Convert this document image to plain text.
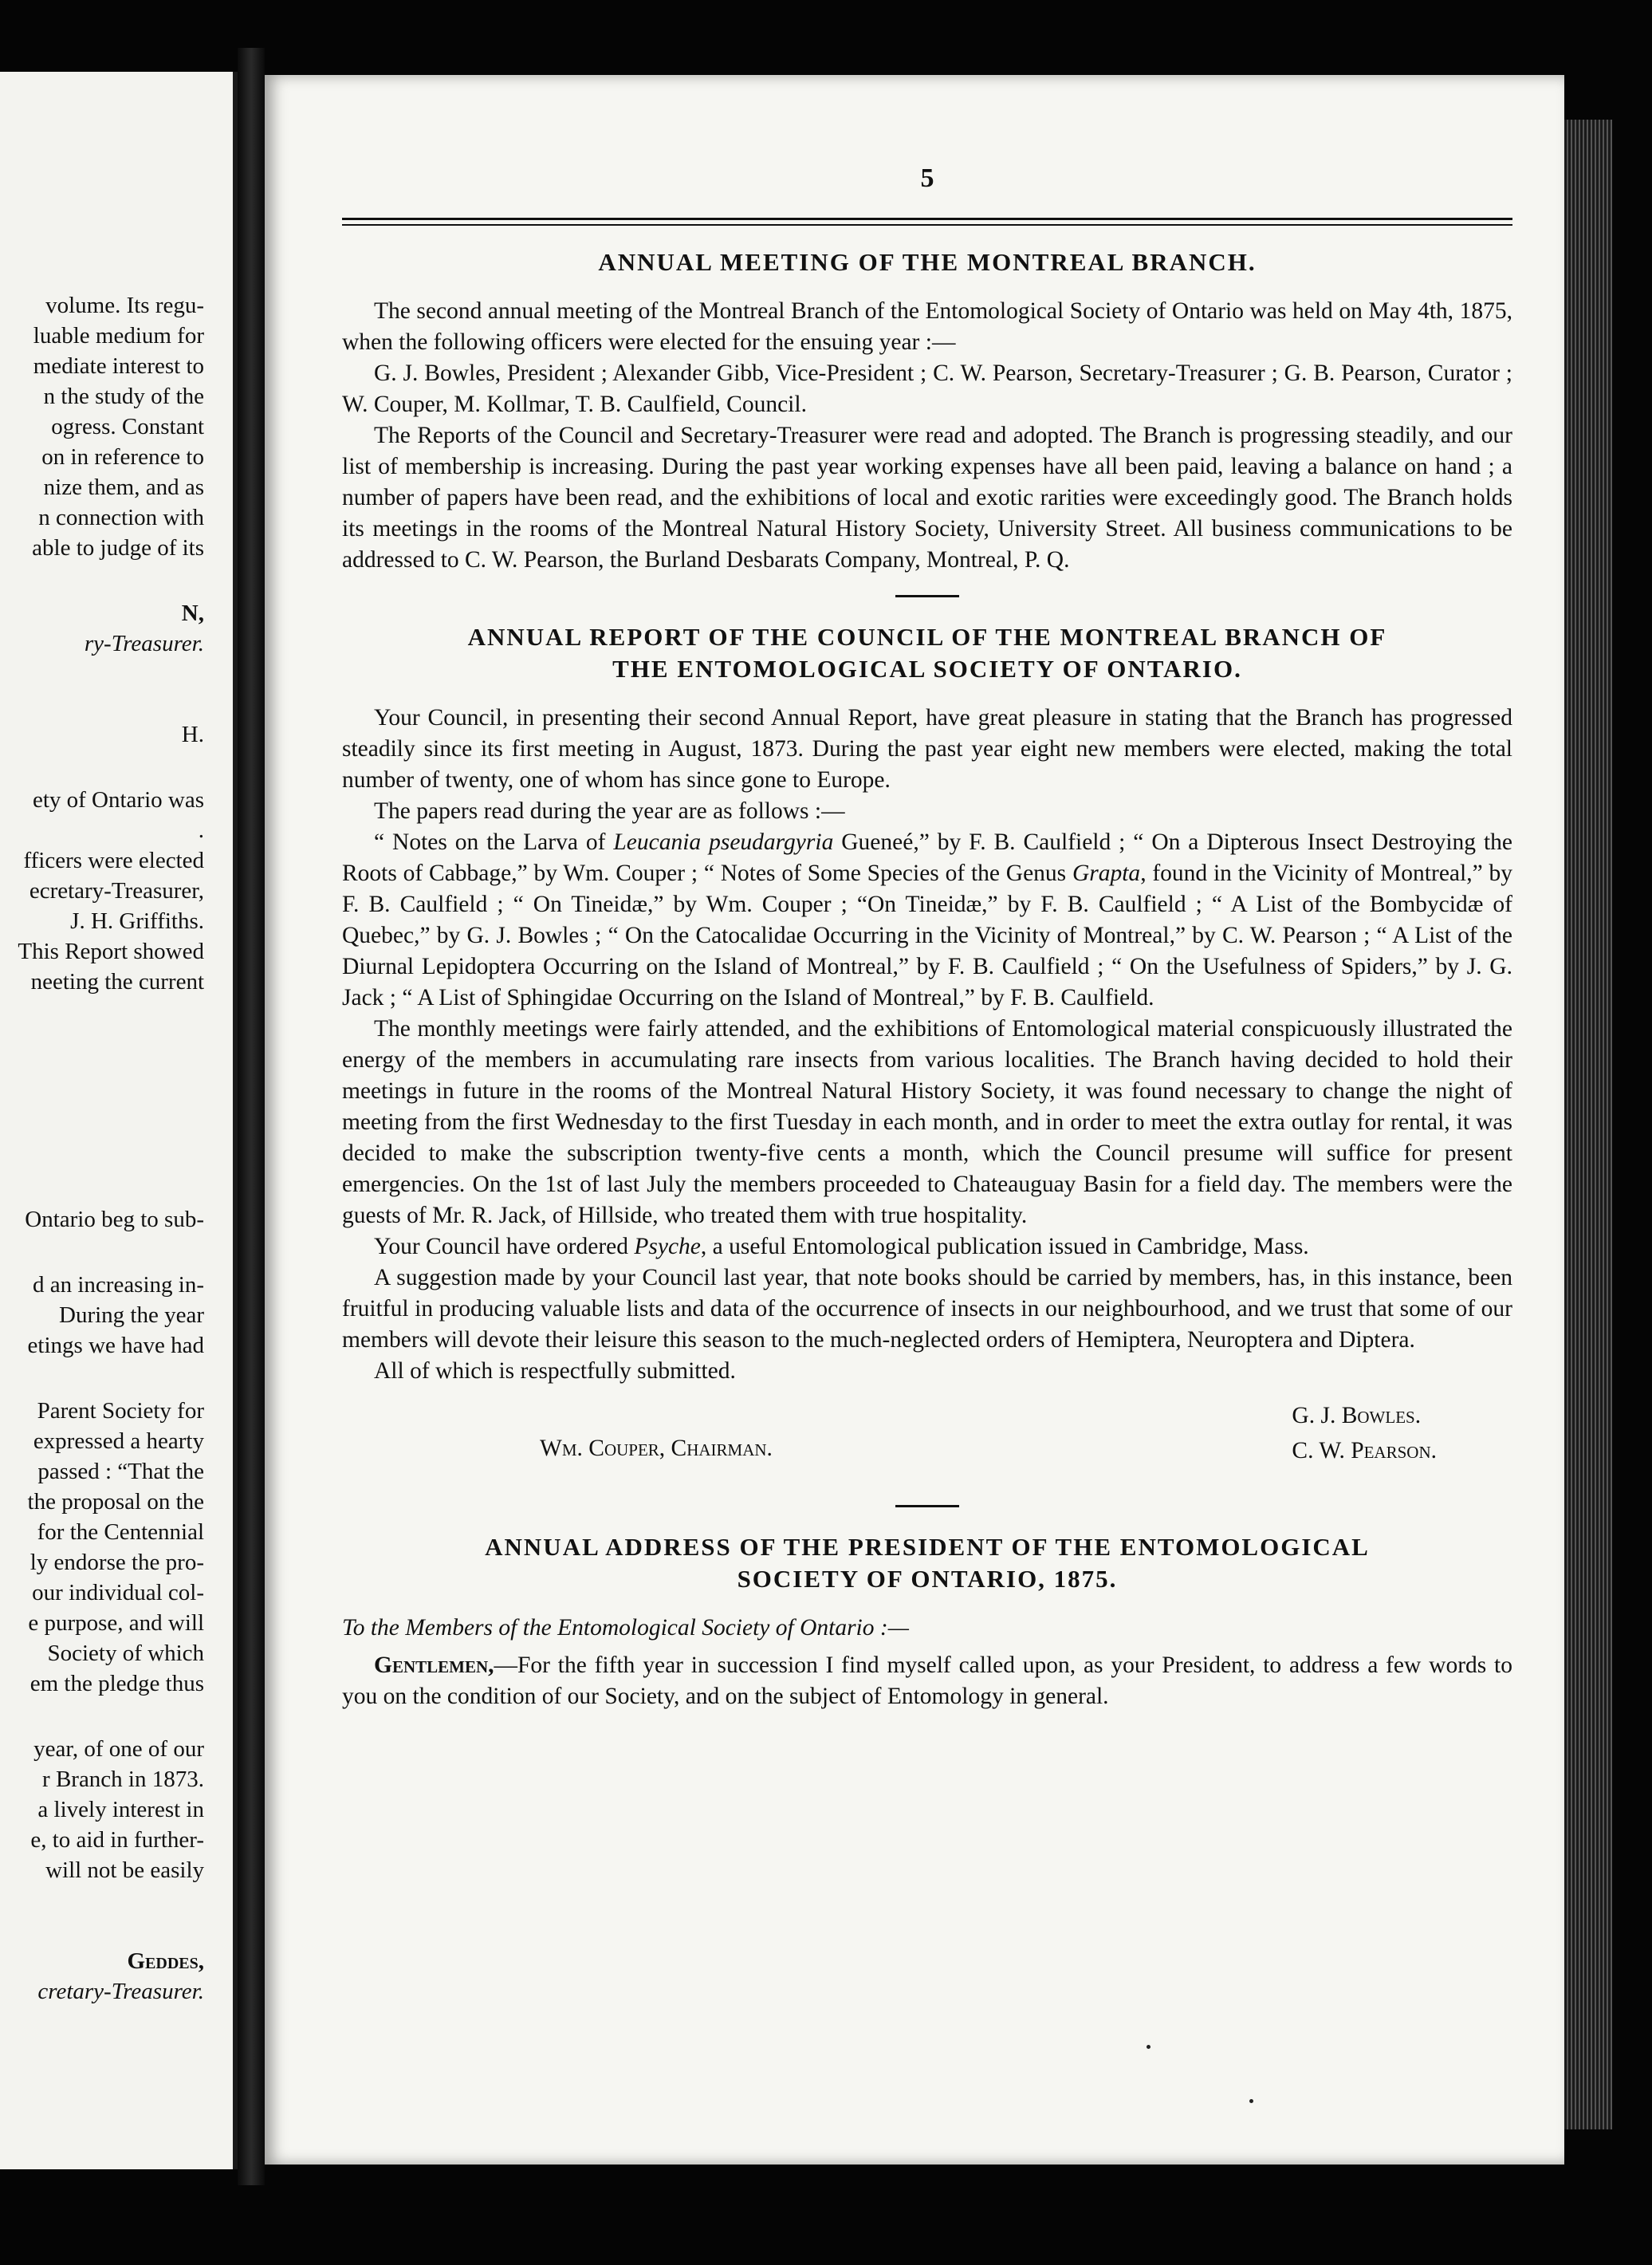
volume. Its regu-

luable medium for

mediate interest to

n the study of the

ogress. Constant

on in reference to

nize them, and as

n connection with

able to judge of its

N,

ry-Treasurer.

H.

ety of Ontario was

.

fficers were elected

ecretary-Treasurer,

J. H. Griffiths.

This Report showed

neeting the current

Ontario beg to sub-

d an increasing in-

During the year

etings we have had

Parent Society for

expressed a hearty

passed : “That the

the proposal on the

for the Centennial

ly endorse the pro-

our individual col-

e purpose, and will

Society of which

em the pledge thus

year, of one of our

r Branch in 1873.

a lively interest in

e, to aid in further-

will not be easily

Geddes,

cretary-Treasurer.

5
ANNUAL MEETING OF THE MONTREAL BRANCH.

The second annual meeting of the Montreal Branch of the Entomological Society of Ontario was held on May 4th, 1875, when the following officers were elected for the ensuing year :—

G. J. Bowles, President ; Alexander Gibb, Vice-President ; C. W. Pearson, Secretary-Treasurer ; G. B. Pearson, Curator ; W. Couper, M. Kollmar, T. B. Caulfield, Council.

The Reports of the Council and Secretary-Treasurer were read and adopted. The Branch is progressing steadily, and our list of membership is increasing. During the past year working expenses have all been paid, leaving a balance on hand ; a number of papers have been read, and the exhibitions of local and exotic rarities were exceedingly good. The Branch holds its meetings in the rooms of the Montreal Natural History Society, University Street. All business communications to be addressed to C. W. Pearson, the Burland Desbarats Company, Montreal, P. Q.

ANNUAL REPORT OF THE COUNCIL OF THE MONTREAL BRANCH OF
THE ENTOMOLOGICAL SOCIETY OF ONTARIO.

Your Council, in presenting their second Annual Report, have great pleasure in stating that the Branch has progressed steadily since its first meeting in August, 1873. During the past year eight new members were elected, making the total number of twenty, one of whom has since gone to Europe.

The papers read during the year are as follows :—

“ Notes on the Larva of Leucania pseudargyria Gueneé,” by F. B. Caulfield ; “ On a Dipterous Insect Destroying the Roots of Cabbage,” by Wm. Couper ; “ Notes of Some Species of the Genus Grapta, found in the Vicinity of Montreal,” by F. B. Caulfield ; “ On Tineidæ,” by Wm. Couper ; “On Tineidæ,” by F. B. Caulfield ; “ A List of the Bombycidæ of Quebec,” by G. J. Bowles ; “ On the Catocalidae Occurring in the Vicinity of Montreal,” by C. W. Pearson ; “ A List of the Diurnal Lepidoptera Occurring on the Island of Montreal,” by F. B. Caulfield ; “ On the Usefulness of Spiders,” by J. G. Jack ; “ A List of Sphingidae Occurring on the Island of Montreal,” by F. B. Caulfield.

The monthly meetings were fairly attended, and the exhibitions of Entomological material conspicuously illustrated the energy of the members in accumulating rare insects from various localities. The Branch having decided to hold their meetings in future in the rooms of the Montreal Natural History Society, it was found necessary to change the night of meeting from the first Wednesday to the first Tuesday in each month, and in order to meet the extra outlay for rental, it was decided to make the subscription twenty-five cents a month, which the Council presume will suffice for present emergencies. On the 1st of last July the members proceeded to Chateauguay Basin for a field day. The members were the guests of Mr. R. Jack, of Hillside, who treated them with true hospitality.

Your Council have ordered Psyche, a useful Entomological publication issued in Cambridge, Mass.

A suggestion made by your Council last year, that note books should be carried by members, has, in this instance, been fruitful in producing valuable lists and data of the occurrence of insects in our neighbourhood, and we trust that some of our members will devote their leisure this season to the much-neglected orders of Hemiptera, Neuroptera and Diptera.

All of which is respectfully submitted.

Wm. Couper, Chairman.
G. J. Bowles.
C. W. Pearson.
ANNUAL ADDRESS OF THE PRESIDENT OF THE ENTOMOLOGICAL
SOCIETY OF ONTARIO, 1875.

To the Members of the Entomological Society of Ontario :—

Gentlemen,—For the fifth year in succession I find myself called upon, as your President, to address a few words to you on the condition of our Society, and on the subject of Entomology in general.
